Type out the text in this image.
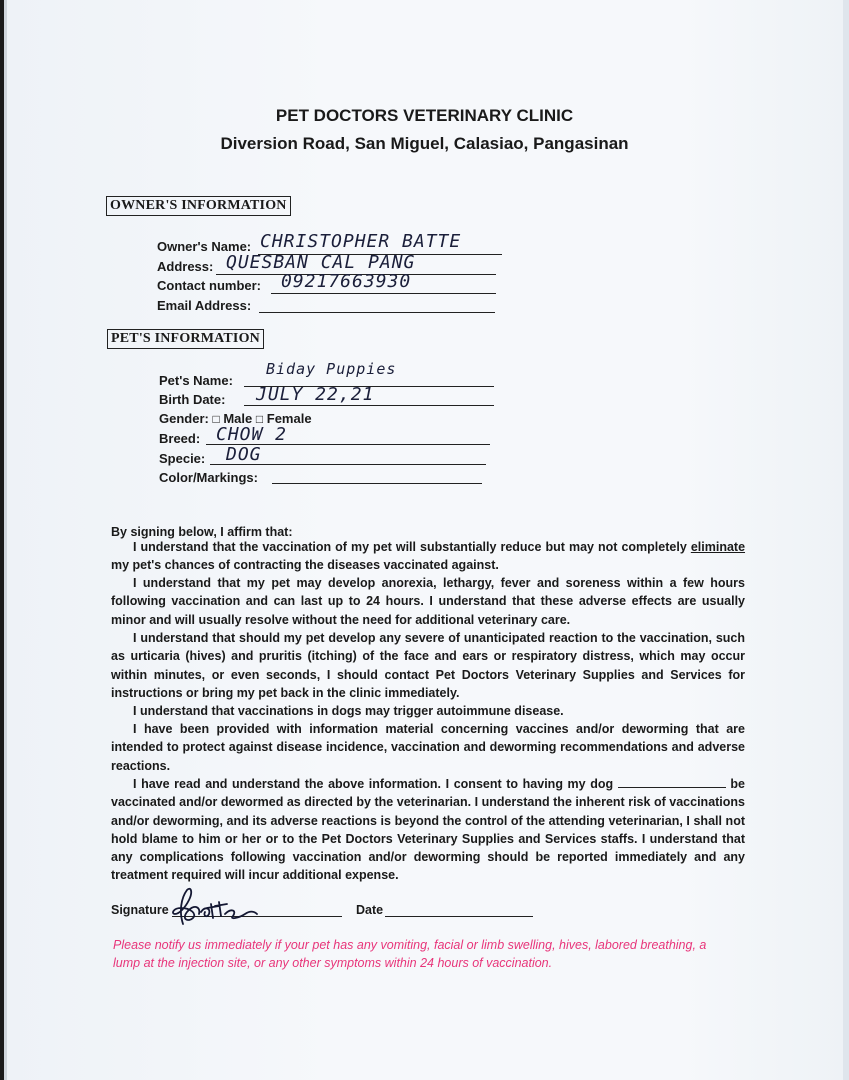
PET DOCTORS VETERINARY CLINIC
Diversion Road, San Miguel, Calasiao, Pangasinan
OWNER'S INFORMATION
Owner's Name: CHRISTOPHER BATTE
Address: QUESBAN CAL PANG
Contact number: 09217663930
Email Address:
PET'S INFORMATION
Pet's Name:
Biday Puppies
Birth Date: JULY 22,21
Gender: □ Male □ Female
Breed: CHOW 2
Specie: DOG
Color/Markings:
By signing below, I affirm that:
I understand that the vaccination of my pet will substantially reduce but may not completely eliminate my pet's chances of contracting the diseases vaccinated against.
I understand that my pet may develop anorexia, lethargy, fever and soreness within a few hours following vaccination and can last up to 24 hours. I understand that these adverse effects are usually minor and will usually resolve without the need for additional veterinary care.
I understand that should my pet develop any severe of unanticipated reaction to the vaccination, such as urticaria (hives) and pruritis (itching) of the face and ears or respiratory distress, which may occur within minutes, or even seconds, I should contact Pet Doctors Veterinary Supplies and Services for instructions or bring my pet back in the clinic immediately.
I understand that vaccinations in dogs may trigger autoimmune disease.
I have been provided with information material concerning vaccines and/or deworming that are intended to protect against disease incidence, vaccination and deworming recommendations and adverse reactions.
I have read and understand the above information. I consent to having my dog	be vaccinated and/or dewormed as directed by the veterinarian. I understand the inherent risk of vaccinations and/or deworming, and its adverse reactions is beyond the control of the attending veterinarian, I shall not hold blame to him or her or to the Pet Doctors Veterinary Supplies and Services staffs. I understand that any complications following vaccination and/or deworming should be reported immediately and any treatment required will incur additional expense.
Signature	Date
Please notify us immediately if your pet has any vomiting, facial or limb swelling, hives, labored breathing, a lump at the injection site, or any other symptoms within 24 hours of vaccination.
